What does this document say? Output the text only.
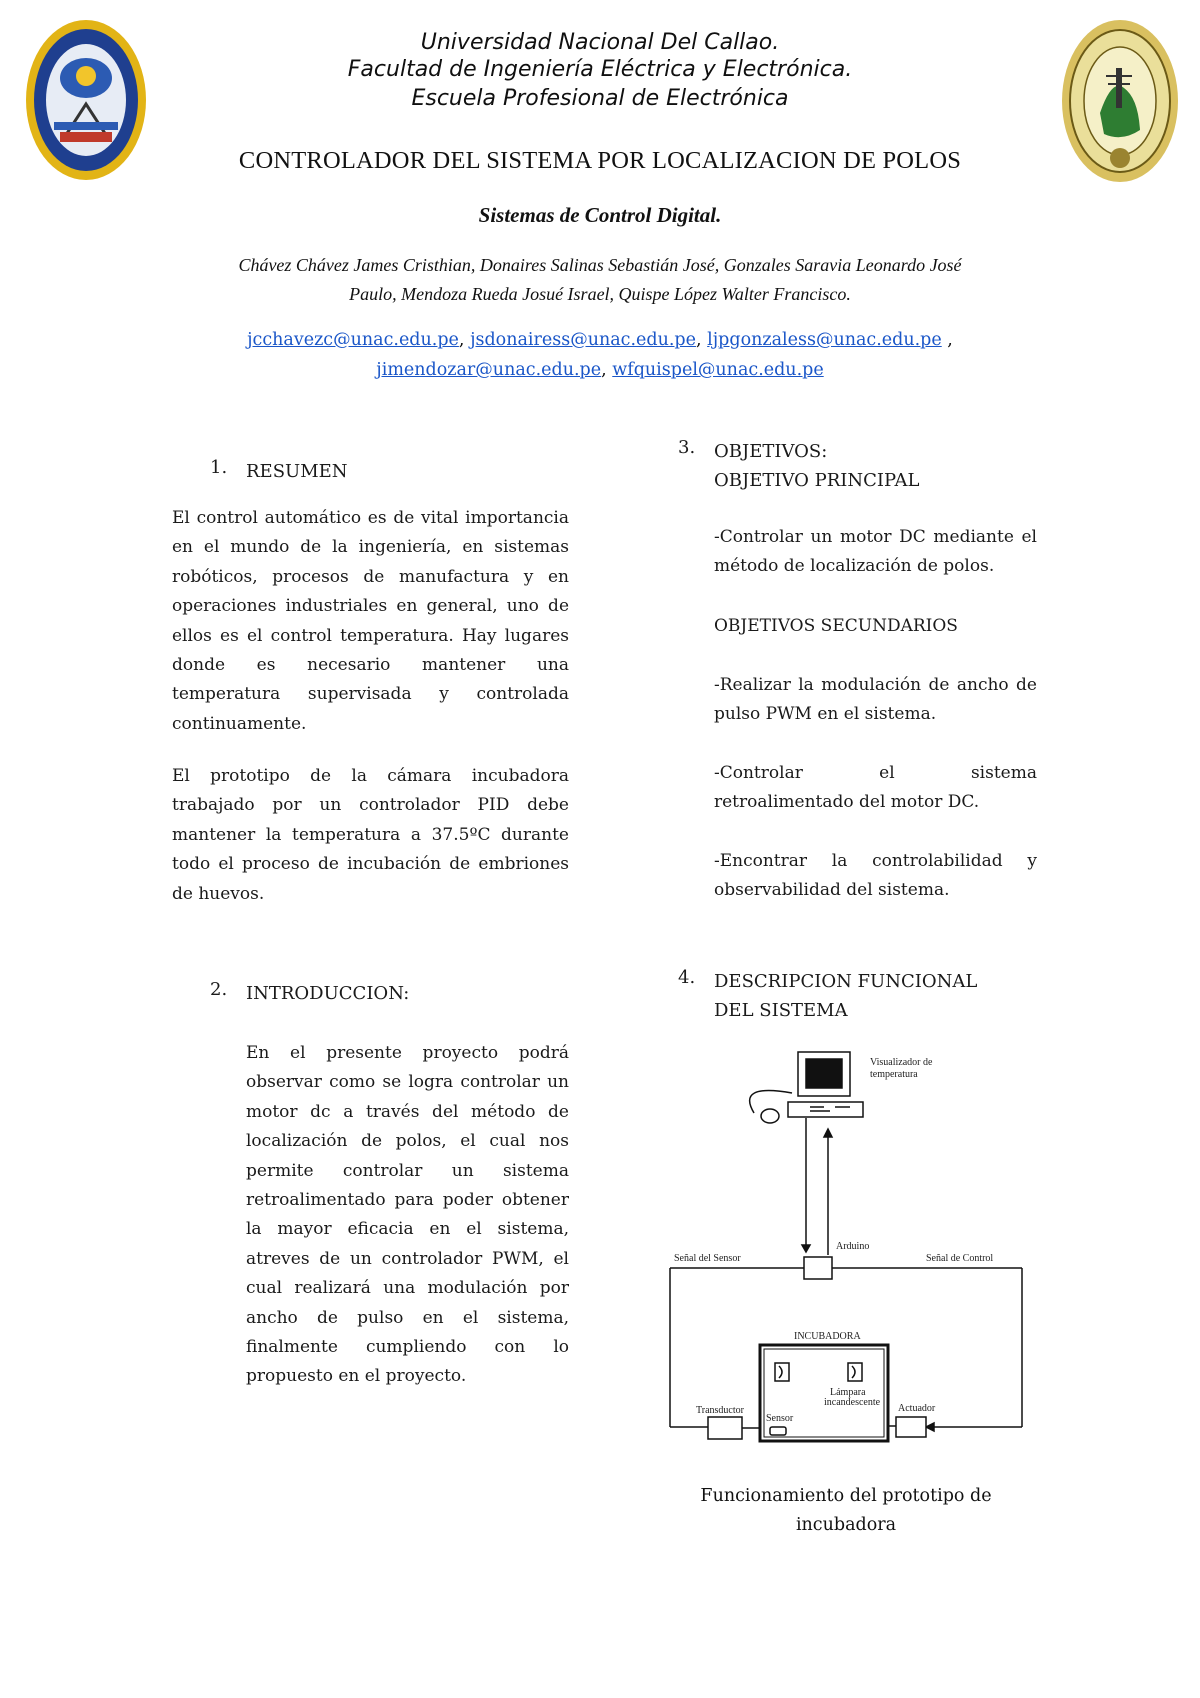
Universidad Nacional Del Callao.
Facultad de Ingeniería Eléctrica y Electrónica.
Escuela Profesional de Electrónica
CONTROLADOR DEL SISTEMA POR LOCALIZACION DE POLOS
Sistemas de Control Digital.
Chávez Chávez James Cristhian, Donaires Salinas Sebastián José, Gonzales Saravia Leonardo José
Paulo, Mendoza Rueda Josué Israel, Quispe López Walter Francisco.
jcchavezc@unac.edu.pe, jsdonairess@unac.edu.pe, ljpgonzaless@unac.edu.pe ,
jimendozar@unac.edu.pe, wfquispel@unac.edu.pe
1. RESUMEN
El control automático es de vital importancia en el mundo de la ingeniería, en sistemas robóticos, procesos de manufactura y en operaciones industriales en general, uno de ellos es el control temperatura. Hay lugares donde es necesario mantener una temperatura supervisada y controlada continuamente.
El prototipo de la cámara incubadora trabajado por un controlador PID debe mantener la temperatura a 37.5ºC durante todo el proceso de incubación de embriones de huevos.
2. INTRODUCCION:
En el presente proyecto podrá observar como se logra controlar un motor dc a través del método de localización de polos, el cual nos permite controlar un sistema retroalimentado para poder obtener la mayor eficacia en el sistema, atreves de un controlador PWM, el cual realizará una modulación por ancho de pulso en el sistema, finalmente cumpliendo con lo propuesto en el proyecto.
3. OBJETIVOS:
OBJETIVO PRINCIPAL
-Controlar un motor DC mediante el método de localización de polos.
OBJETIVOS SECUNDARIOS
-Realizar la modulación de ancho de pulso PWM en el sistema.
-Controlar el sistema retroalimentado del motor DC.
-Encontrar la controlabilidad y observabilidad del sistema.
4. DESCRIPCION FUNCIONAL
DEL SISTEMA
Visualizador de
temperatura
Arduino
Señal del Sensor	Señal de Control
INCUBADORA
Lámpara
incandescente
Transductor
Sensor
Actuador
Funcionamiento del prototipo de incubadora
